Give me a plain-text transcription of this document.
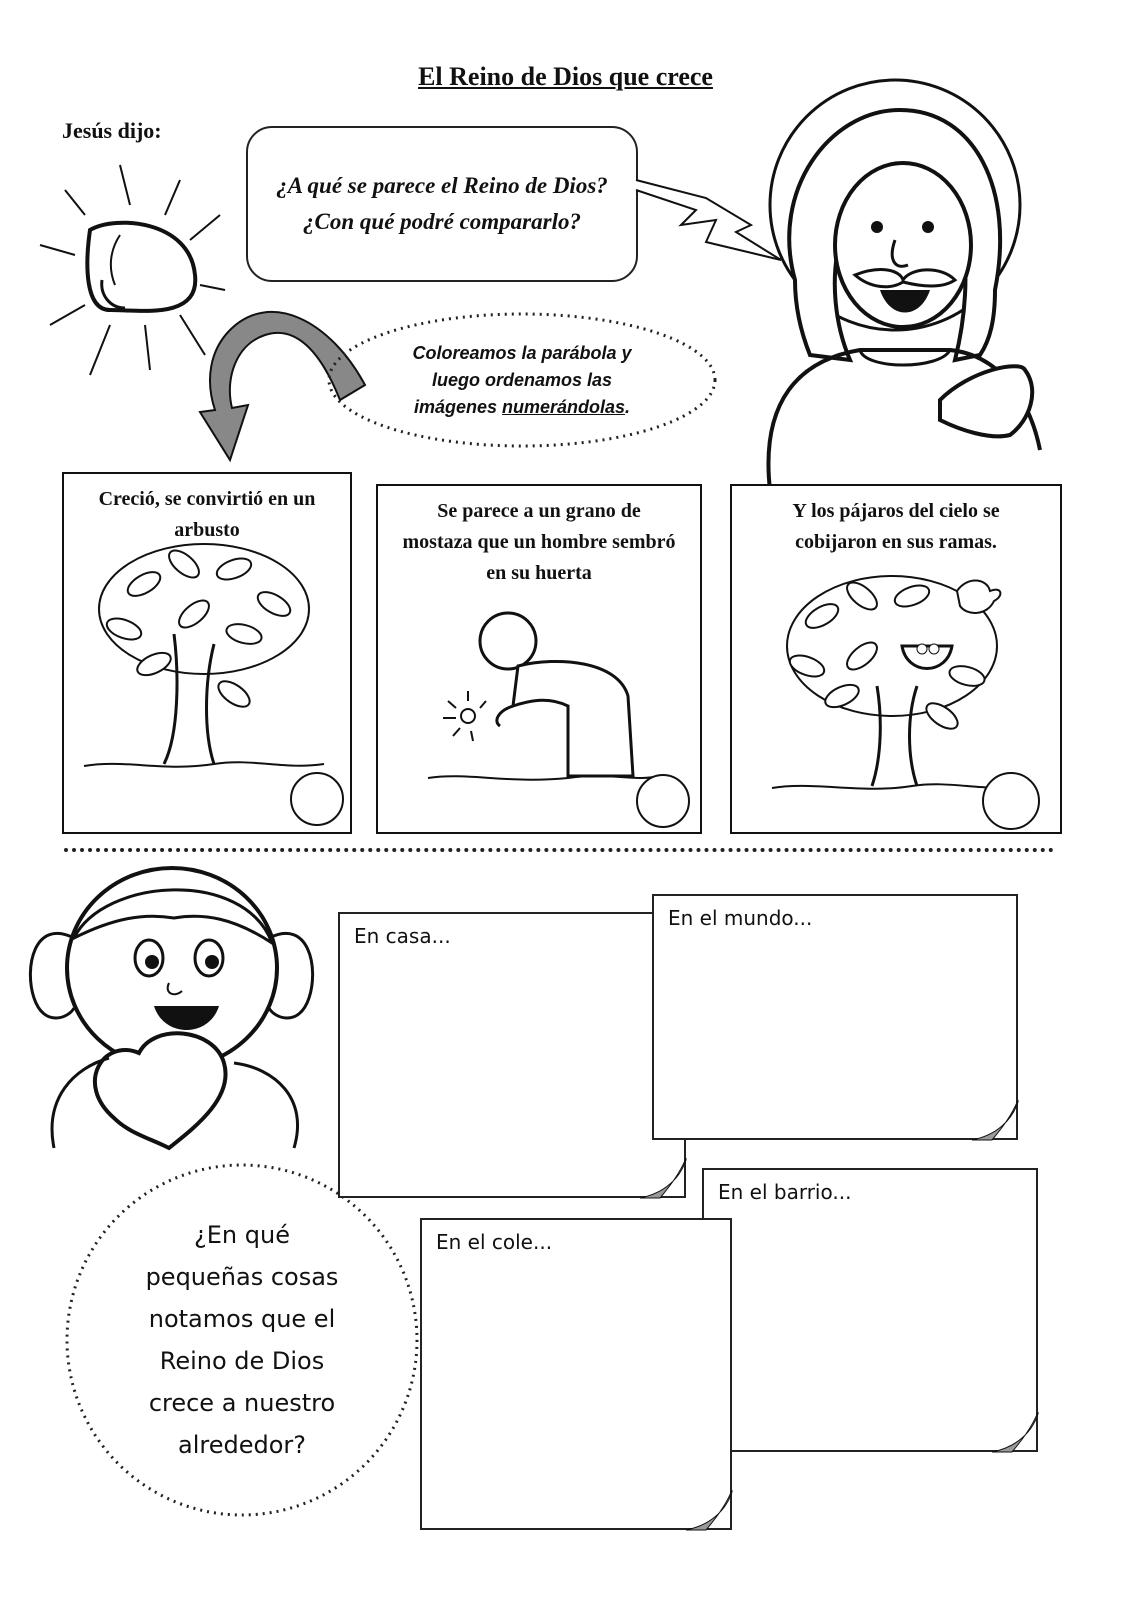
El Reino de Dios que crece
Jesús dijo:
¿A qué se parece el Reino de Dios? ¿Con qué podré compararlo?
Coloreamos la parábola y
luego ordenamos las
imágenes numerándolas.
Creció, se convirtió en un arbusto
Se parece a un grano de mostaza que un hombre sembró en su huerta
Y los pájaros del cielo se cobijaron en sus ramas.
¿En qué
pequeñas cosas
notamos que el
Reino de Dios
crece a nuestro
alrededor?
En casa...
En el mundo...
En el barrio...
En el cole...
